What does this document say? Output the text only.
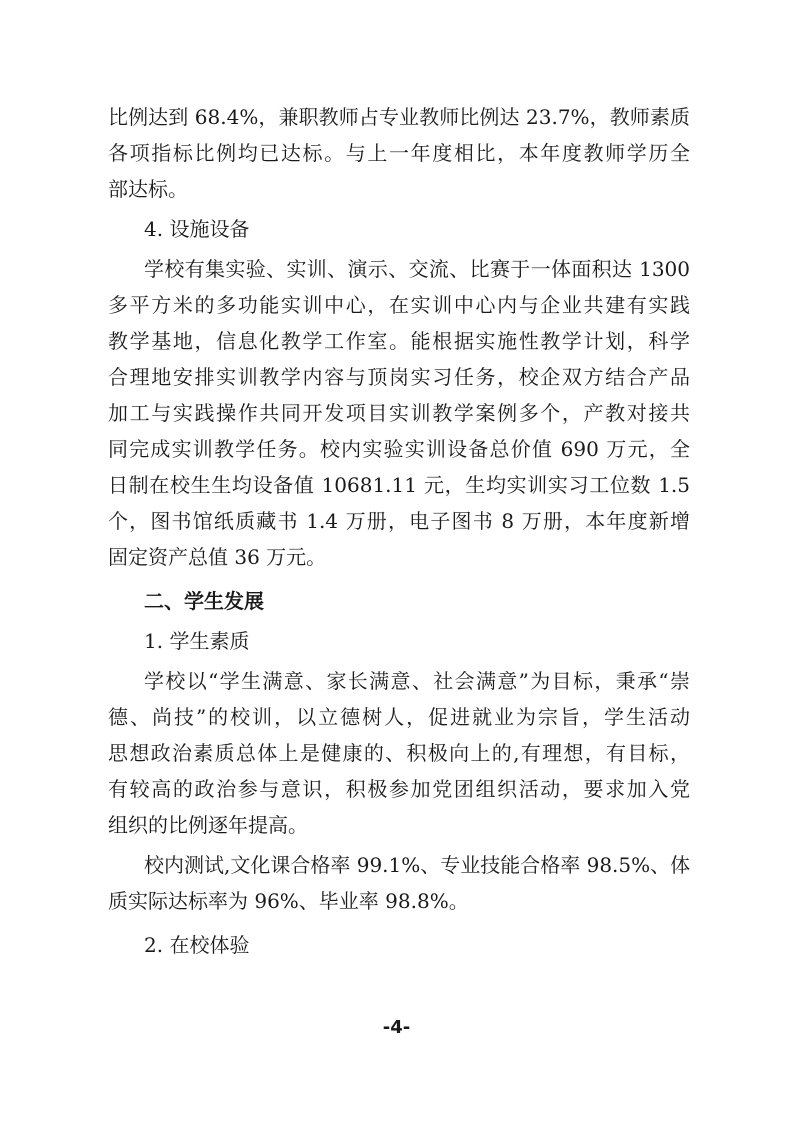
比例达到 68.4%，兼职教师占专业教师比例达 23.7%，教师素质
各项指标比例均已达标。与上一年度相比，本年度教师学历全
部达标。
4. 设施设备
学校有集实验、实训、演示、交流、比赛于一体面积达 1300
多平方米的多功能实训中心，在实训中心内与企业共建有实践
教学基地，信息化教学工作室。能根据实施性教学计划，科学
合理地安排实训教学内容与顶岗实习任务，校企双方结合产品
加工与实践操作共同开发项目实训教学案例多个，产教对接共
同完成实训教学任务。校内实验实训设备总价值 690 万元，全
日制在校生生均设备值 10681.11 元，生均实训实习工位数 1.5
个，图书馆纸质藏书 1.4 万册，电子图书 8 万册，本年度新增
固定资产总值 36 万元。
二、学生发展
1. 学生素质
学校以“学生满意、家长满意、社会满意”为目标，秉承“崇
德、尚技”的校训，以立德树人，促进就业为宗旨，学生活动
思想政治素质总体上是健康的、积极向上的,有理想，有目标，
有较高的政治参与意识，积极参加党团组织活动，要求加入党
组织的比例逐年提高。
校内测试,文化课合格率 99.1%、专业技能合格率 98.5%、体
质实际达标率为 96%、毕业率 98.8%。
2. 在校体验
-4-
